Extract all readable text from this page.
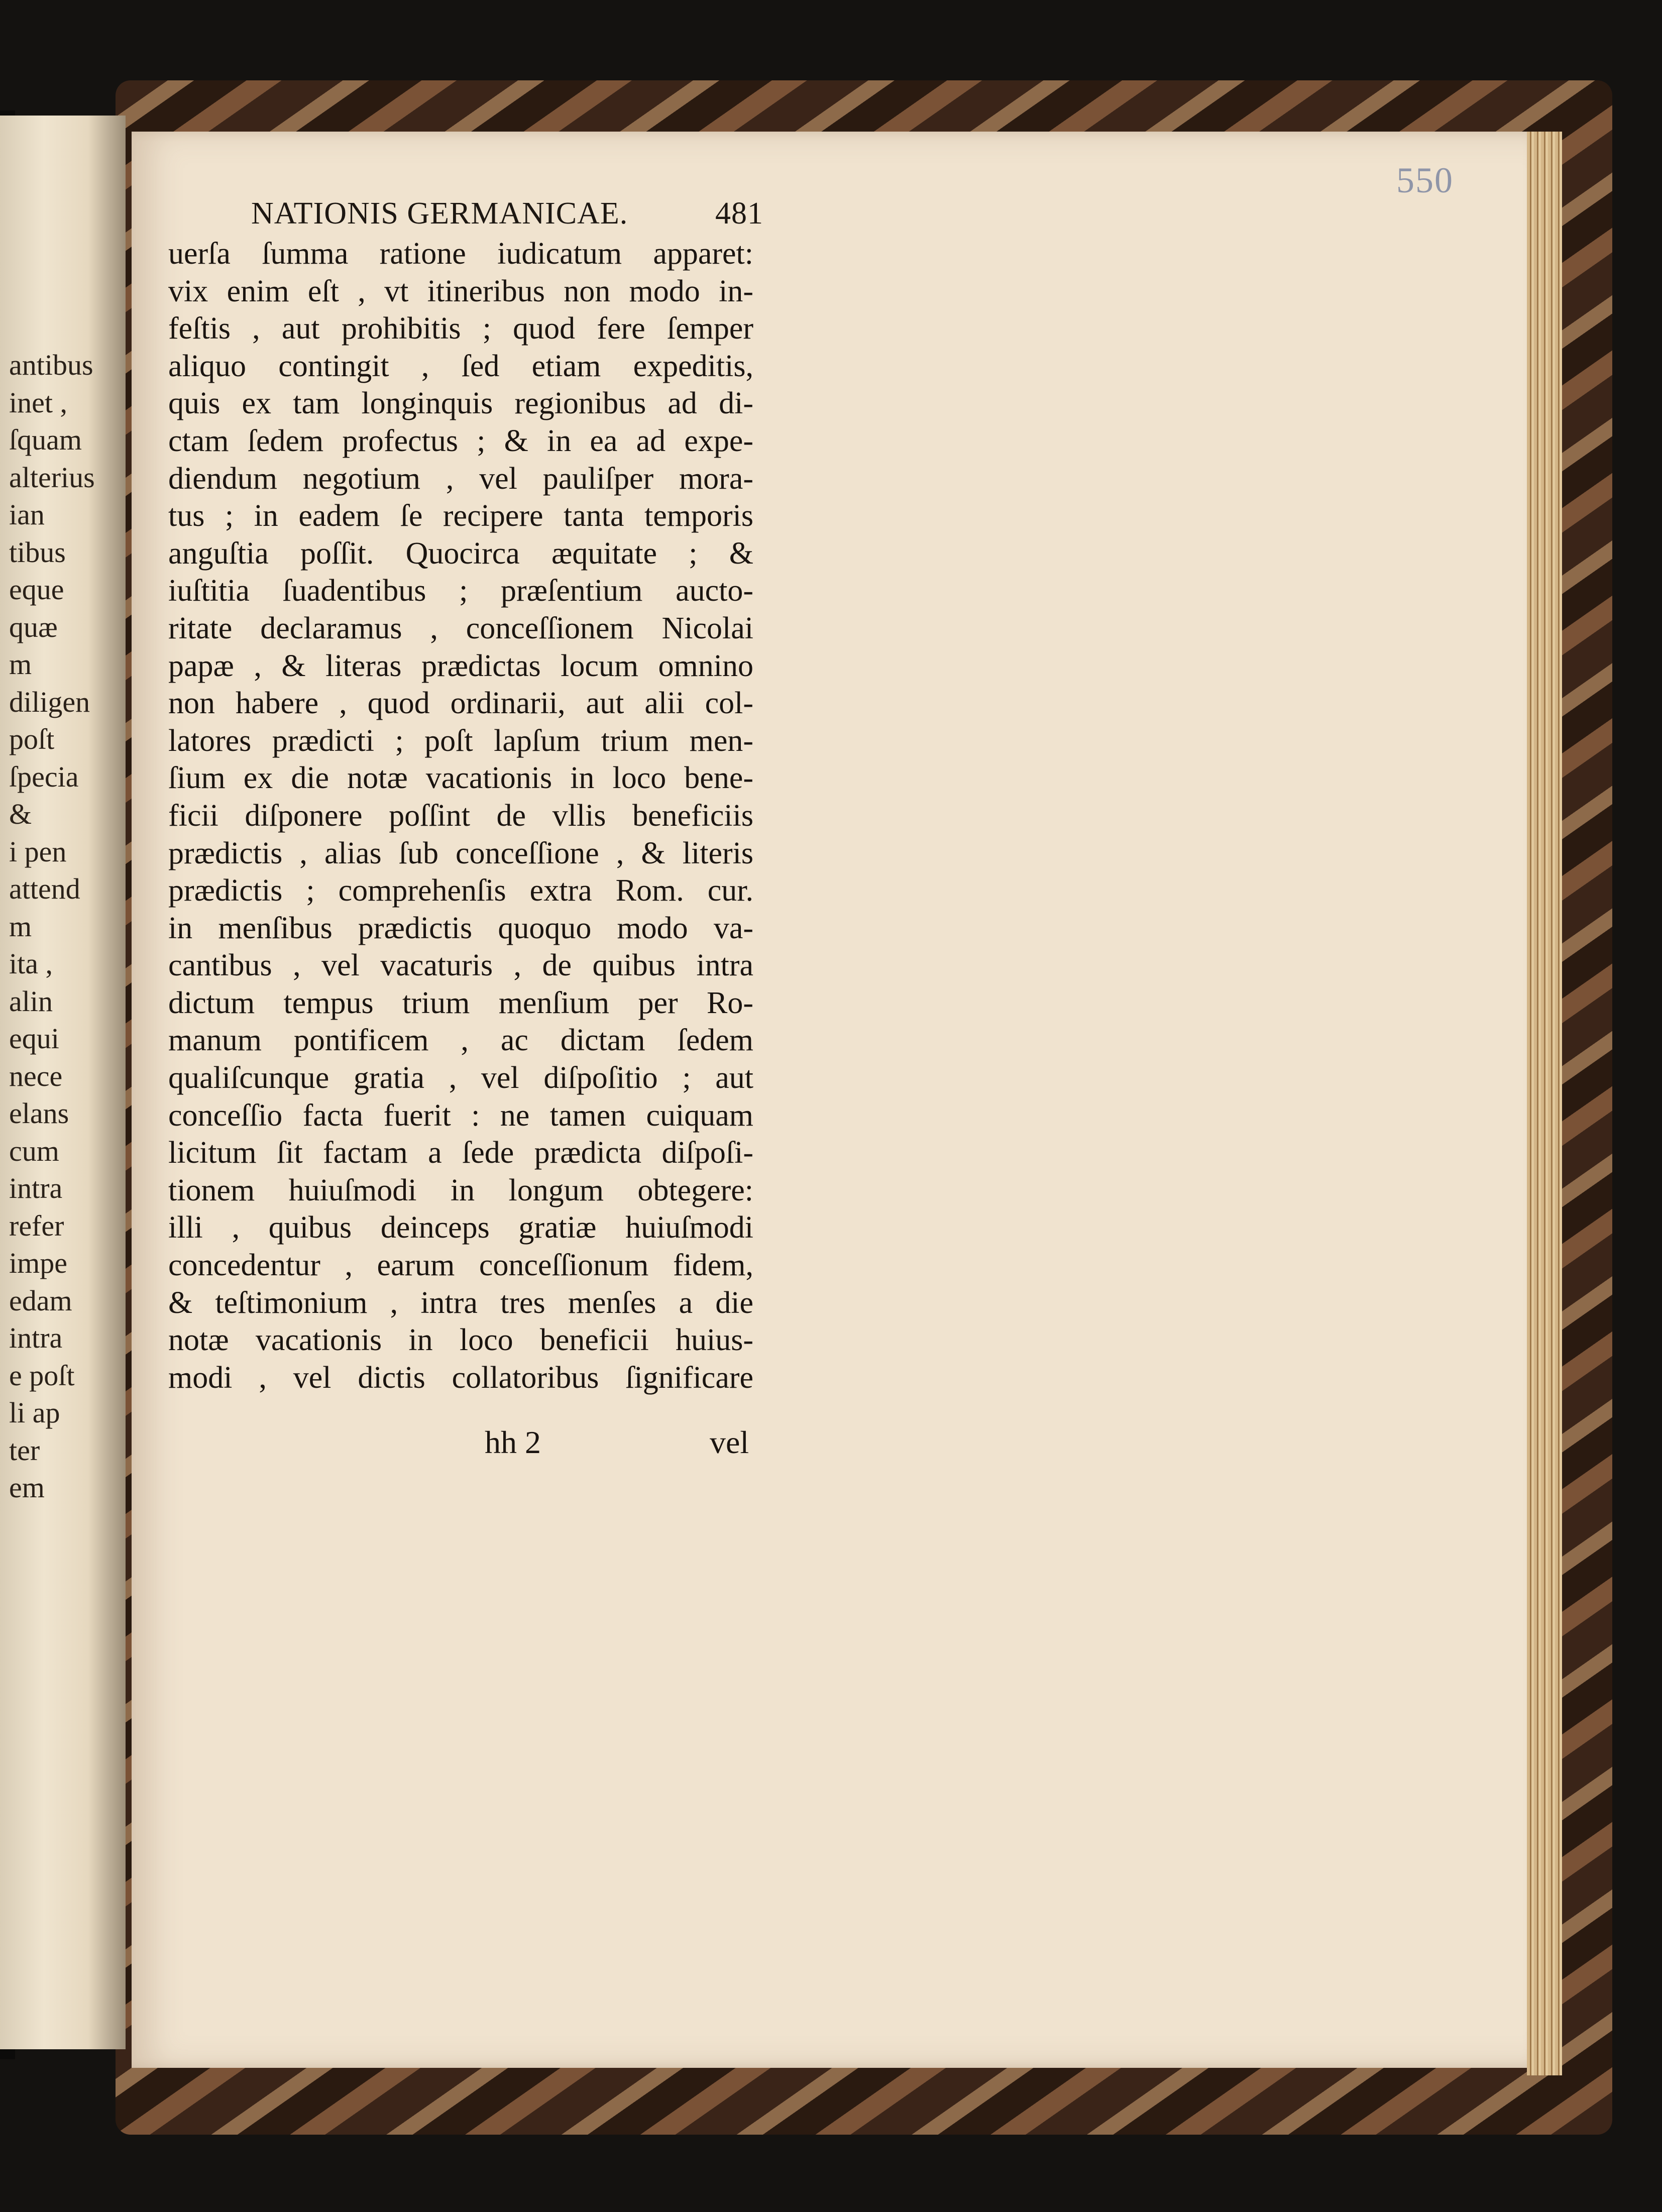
antibus
inet ,
ſquam
alterius
ian
tibus
eque
quæ
m
diligen
poſt
ſpecia
&
i pen
attend
m
ita ,
alin
equi
nece
elans
cum
intra
refer
impe
edam
intra
e poſt
li ap
ter
em
550
NATIONIS GERMANICAE.	481
uerſa ſumma ratione iudicatum apparet:
vix enim eſt , vt itineribus non modo in-
feſtis , aut prohibitis ; quod fere ſemper
aliquo contingit , ſed etiam expeditis,
quis ex tam longinquis regionibus ad di-
ctam ſedem profectus ; & in ea ad expe-
diendum negotium , vel pauliſper mora-
tus ; in eadem ſe recipere tanta temporis
anguſtia poſſit. Quocirca æquitate ; &
iuſtitia ſuadentibus ; præſentium aucto-
ritate declaramus , conceſſionem Nicolai
papæ , & literas prædictas locum omnino
non habere , quod ordinarii, aut alii col-
latores prædicti ; poſt lapſum trium men-
ſium ex die notæ vacationis in loco bene-
ficii diſponere poſſint de vllis beneficiis
prædictis , alias ſub conceſſione , & literis
prædictis ; comprehenſis extra Rom. cur.
in menſibus prædictis quoquo modo va-
cantibus , vel vacaturis , de quibus intra
dictum tempus trium menſium per Ro-
manum pontificem , ac dictam ſedem
qualiſcunque gratia , vel diſpoſitio ; aut
conceſſio facta fuerit : ne tamen cuiquam
licitum ſit factam a ſede prædicta diſpoſi-
tionem huiuſmodi in longum obtegere:
illi , quibus deinceps gratiæ huiuſmodi
concedentur , earum conceſſionum fidem,
& teſtimonium , intra tres menſes a die
notæ vacationis in loco beneficii huius-
modi , vel dictis collatoribus ſignificare
hh 2	vel
